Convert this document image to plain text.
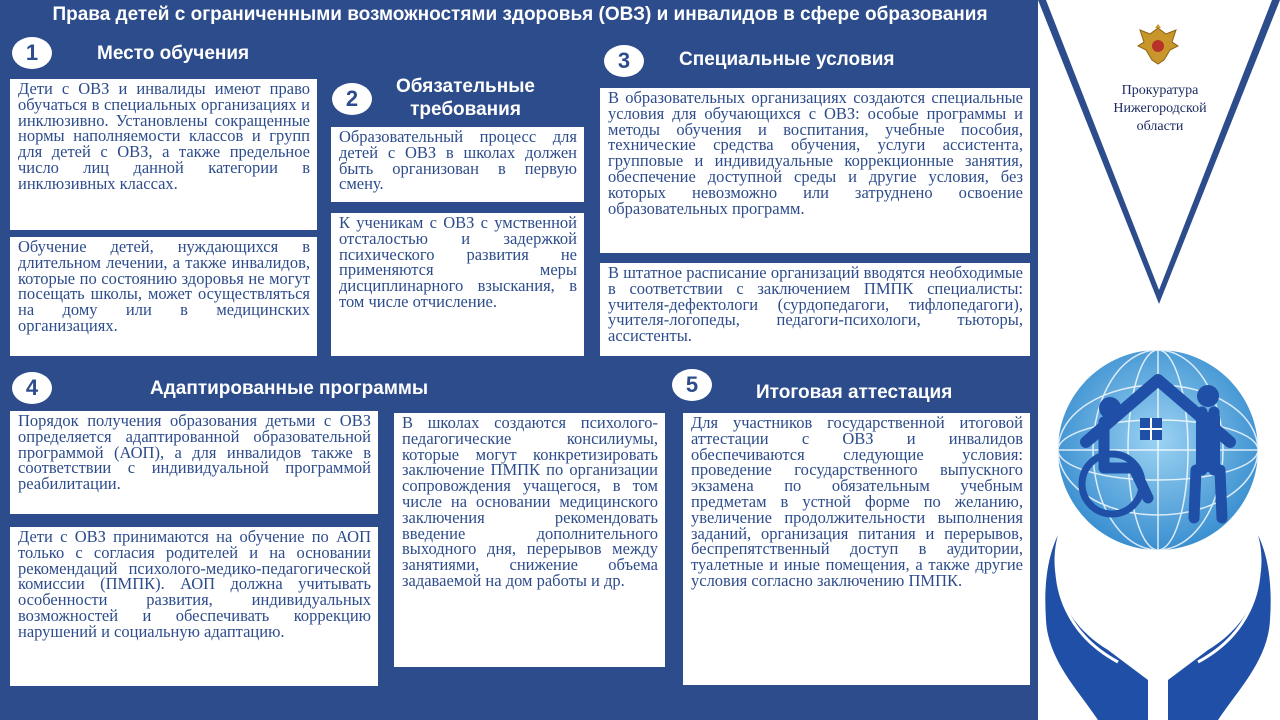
Права детей с ограниченными возможностями здоровья (ОВЗ) и инвалидов в сфере образования
1	Место обучения
Дети с ОВЗ и инвалиды имеют право обучаться в специальных организациях и инклюзивно. Установлены сокращенные нормы наполняемости классов и групп для детей с ОВЗ, а также предельное число лиц данной категории в инклюзивных классах.
Обучение детей, нуждающихся в длительном лечении, а также инвалидов, которые по состоянию здоровья не могут посещать школы, может осуществляться на дому или в медицинских организациях.
2	Обязательные требования
Образовательный процесс для детей с ОВЗ в школах должен быть организован в первую смену.
К ученикам с ОВЗ с умственной отсталостью и задержкой психического развития не применяются меры дисциплинарного взыскания, в том числе отчисление.
3	Специальные условия
В образовательных организациях создаются специальные условия для обучающихся с ОВЗ: особые программы и методы обучения и воспитания, учебные пособия, технические средства обучения, услуги ассистента, групповые и индивидуальные коррекционные занятия, обеспечение доступной среды и другие условия, без которых невозможно или затруднено освоение образовательных программ.
В штатное расписание организаций вводятся необходимые в соответствии с заключением ПМПК специалисты: учителя-дефектологи (сурдопедагоги, тифлопедагоги), учителя-логопеды, педагоги-психологи, тьюторы, ассистенты.
4	Адаптированные программы
Порядок получения образования детьми с ОВЗ определяется адаптированной образовательной программой (АОП), а для инвалидов также в соответствии с индивидуальной программой реабилитации.
Дети с ОВЗ принимаются на обучение по АОП только с согласия родителей и на основании рекомендаций психолого-медико-педагогической комиссии (ПМПК). АОП должна учитывать особенности развития, индивидуальных возможностей и обеспечивать коррекцию нарушений и социальную адаптацию.
В школах создаются психолого-педагогические консилиумы, которые могут конкретизировать заключение ПМПК по организации сопровождения учащегося, в том числе на основании медицинского заключения рекомендовать введение дополнительного выходного дня, перерывов между занятиями, снижение объема задаваемой на дом работы и др.
5	Итоговая аттестация
Для участников государственной итоговой аттестации с ОВЗ и инвалидов обеспечиваются следующие условия: проведение государственного выпускного экзамена по обязательным учебным предметам в устной форме по желанию, увеличение продолжительности выполнения заданий, организация питания и перерывов, беспрепятственный доступ в аудитории, туалетные и иные помещения, а также другие условия согласно заключению ПМПК.
Прокуратура
Нижегородской
области
